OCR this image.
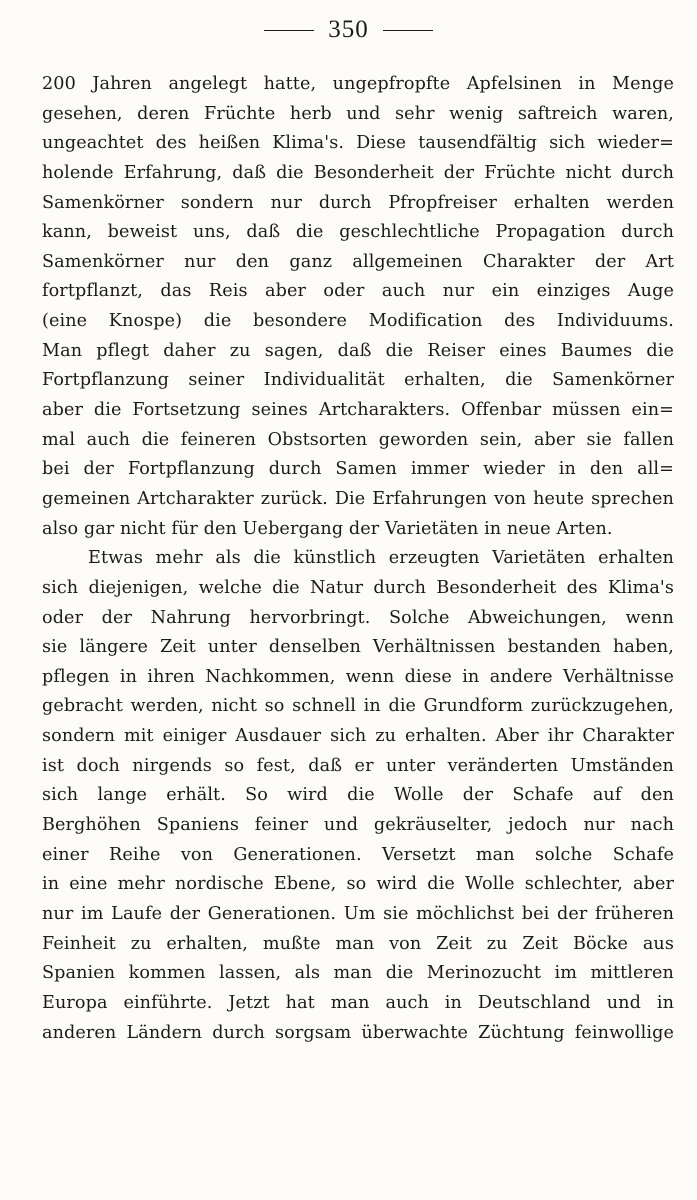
350
200 Jahren angelegt hatte, ungepfropfte Apfelsinen in Menge
gesehen, deren Früchte herb und sehr wenig saftreich waren,
ungeachtet des heißen Klima's. Diese tausendfältig sich wieder=
holende Erfahrung, daß die Besonderheit der Früchte nicht durch
Samenkörner sondern nur durch Pfropfreiser erhalten werden
kann, beweist uns, daß die geschlechtliche Propagation durch
Samenkörner nur den ganz allgemeinen Charakter der Art
fortpflanzt, das Reis aber oder auch nur ein einziges Auge
(eine Knospe) die besondere Modification des Individuums.
Man pflegt daher zu sagen, daß die Reiser eines Baumes die
Fortpflanzung seiner Individualität erhalten, die Samenkörner
aber die Fortsetzung seines Artcharakters. Offenbar müssen ein=
mal auch die feineren Obstsorten geworden sein, aber sie fallen
bei der Fortpflanzung durch Samen immer wieder in den all=
gemeinen Artcharakter zurück. Die Erfahrungen von heute sprechen
also gar nicht für den Uebergang der Varietäten in neue Arten.
Etwas mehr als die künstlich erzeugten Varietäten erhalten
sich diejenigen, welche die Natur durch Besonderheit des Klima's
oder der Nahrung hervorbringt. Solche Abweichungen, wenn
sie längere Zeit unter denselben Verhältnissen bestanden haben,
pflegen in ihren Nachkommen, wenn diese in andere Verhältnisse
gebracht werden, nicht so schnell in die Grundform zurückzugehen,
sondern mit einiger Ausdauer sich zu erhalten. Aber ihr Charakter
ist doch nirgends so fest, daß er unter veränderten Umständen
sich lange erhält. So wird die Wolle der Schafe auf den
Berghöhen Spaniens feiner und gekräuselter, jedoch nur nach
einer Reihe von Generationen. Versetzt man solche Schafe
in eine mehr nordische Ebene, so wird die Wolle schlechter, aber
nur im Laufe der Generationen. Um sie möchlichst bei der früheren
Feinheit zu erhalten, mußte man von Zeit zu Zeit Böcke aus
Spanien kommen lassen, als man die Merinozucht im mittleren
Europa einführte. Jetzt hat man auch in Deutschland und in
anderen Ländern durch sorgsam überwachte Züchtung feinwollige
